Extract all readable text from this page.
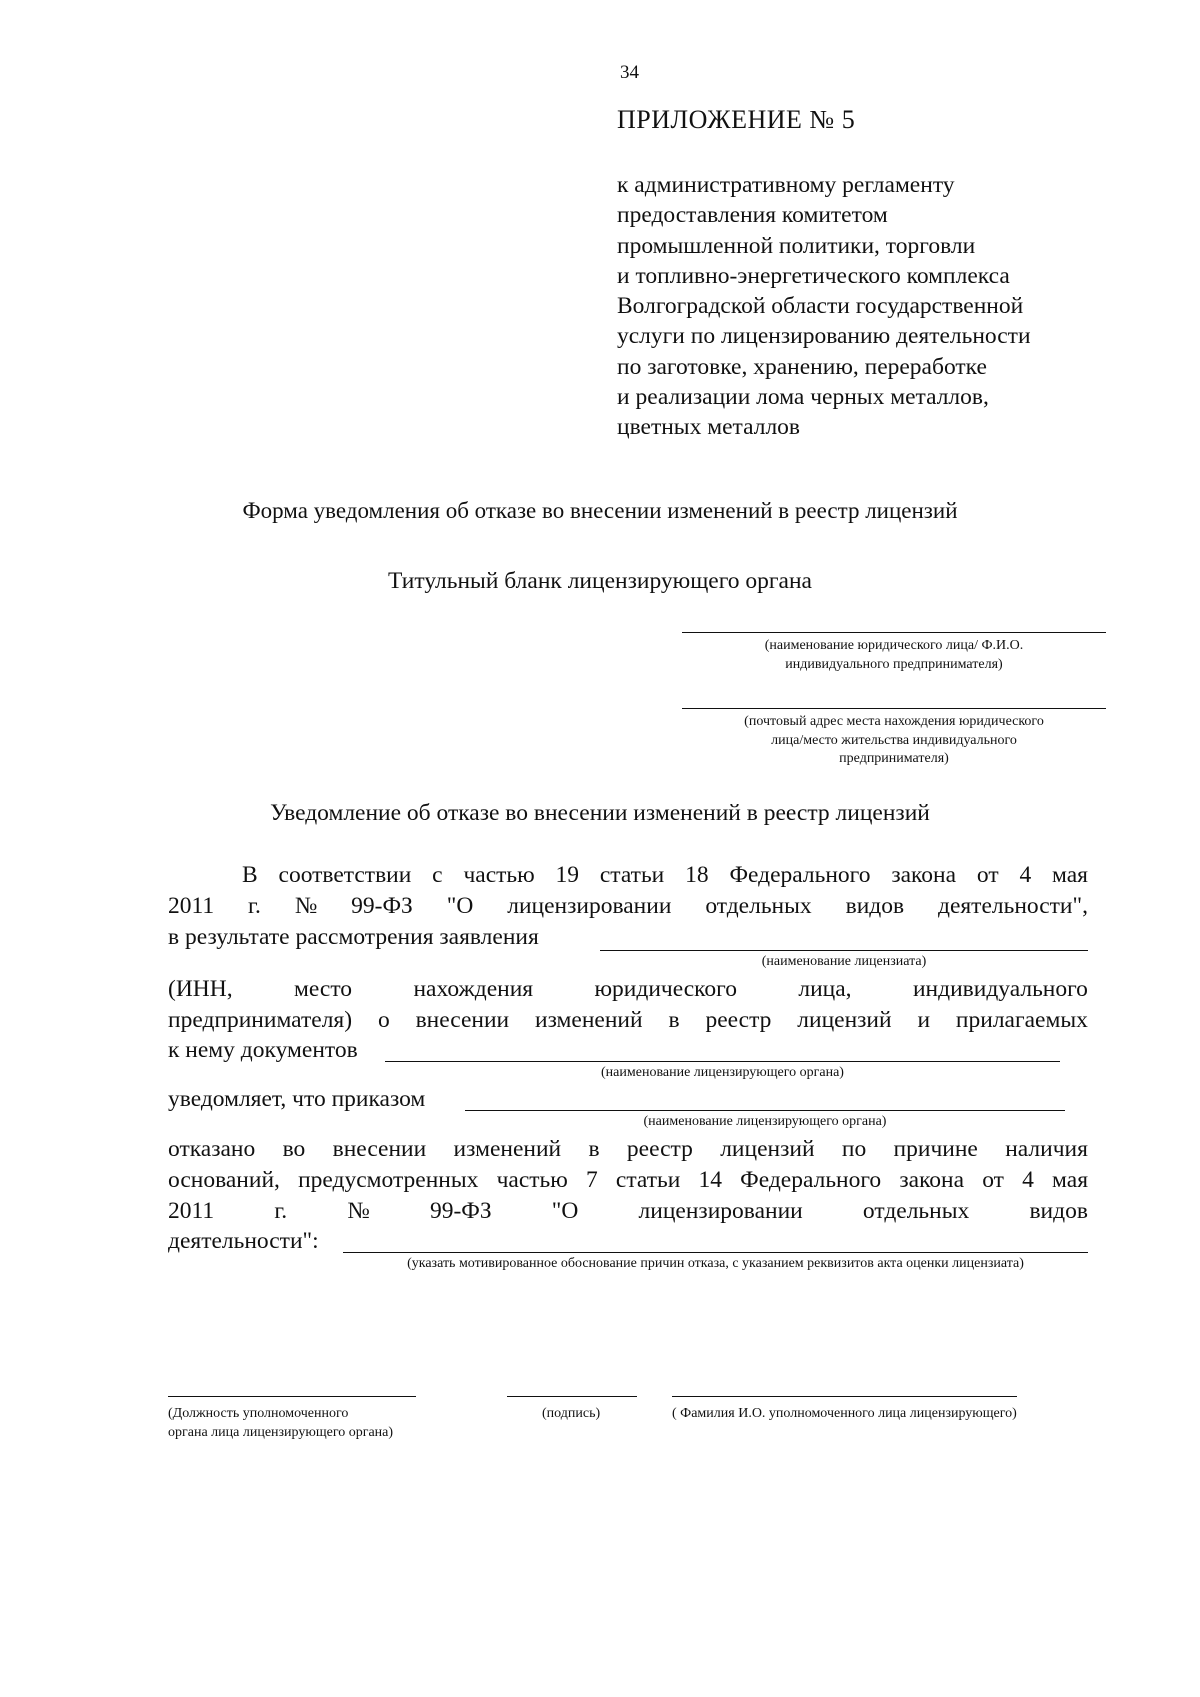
34
ПРИЛОЖЕНИЕ № 5
к административному регламенту
предоставления комитетом
промышленной политики, торговли
и топливно-энергетического комплекса
Волгоградской области государственной
услуги по лицензированию деятельности
по заготовке, хранению, переработке
и реализации лома черных металлов,
цветных металлов
Форма уведомления об отказе во внесении изменений в реестр лицензий
Титульный бланк лицензирующего органа
(наименование юридического лица/ Ф.И.О.
индивидуального предпринимателя)
(почтовый адрес места нахождения юридического
лица/место жительства индивидуального
предпринимателя)
Уведомление об отказе во внесении изменений в реестр лицензий
В соответствии с частью 19 статьи 18 Федерального закона от 4 мая
2011 г. № 99-ФЗ "О лицензировании отдельных видов деятельности",
в результате рассмотрения заявления
(наименование лицензиата)
(ИНН,	место	нахождения	юридического	лица,	индивидуального
предпринимателя) о внесении изменений в реестр лицензий и прилагаемых
к нему документов
(наименование лицензирующего органа)
уведомляет, что приказом
(наименование лицензирующего органа)
отказано во внесении изменений в реестр лицензий по причине наличия
оснований, предусмотренных частью 7 статьи 14 Федерального закона от 4 мая
2011	г.	№	99-ФЗ	"О	лицензировании	отдельных	видов
деятельности":
(указать мотивированное обоснование причин отказа, с указанием реквизитов акта оценки лицензиата)
(Должность уполномоченного
органа лица лицензирующего органа)
(подпись)	( Фамилия И.О. уполномоченного лица лицензирующего)
